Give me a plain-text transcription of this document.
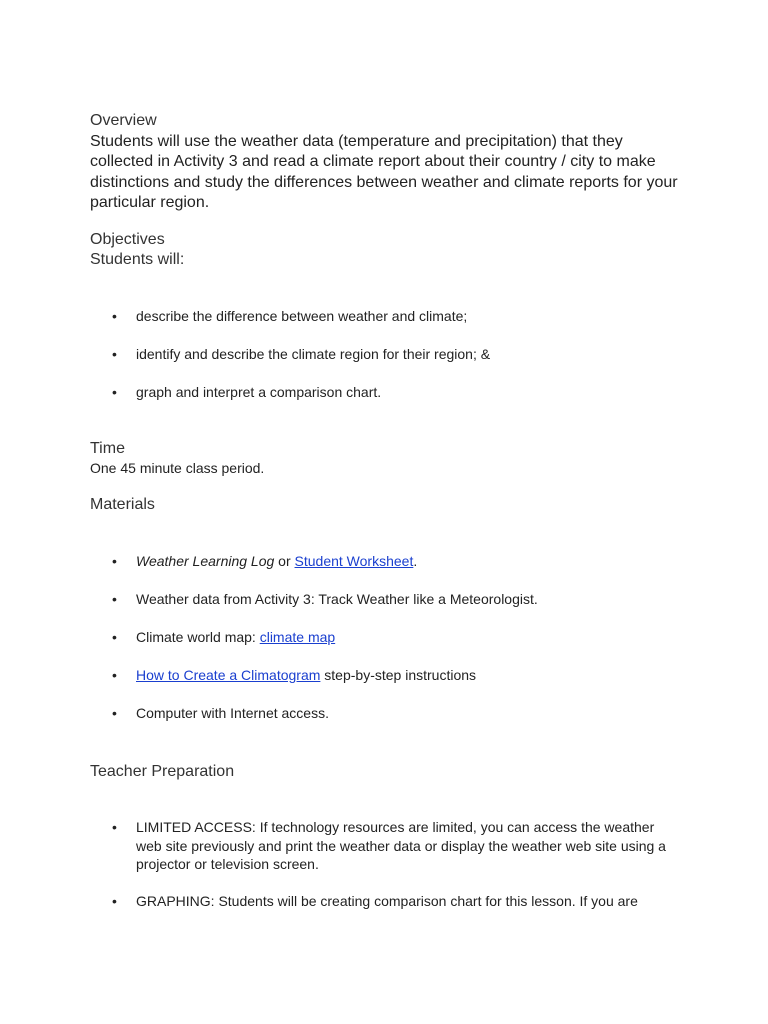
Overview

Students will use the weather data (temperature and precipitation) that they collected in Activity 3 and read a climate report about their country / city to make distinctions and study the differences between weather and climate reports for your particular region.

Objectives

Students will:

• describe the difference between weather and climate;
• identify and describe the climate region for their region; &
• graph and interpret a comparison chart.

Time

One 45 minute class period.

Materials

• Weather Learning Log or Student Worksheet.
• Weather data from Activity 3: Track Weather like a Meteorologist.
• Climate world map: climate map
• How to Create a Climatogram step-by-step instructions
• Computer with Internet access.

Teacher Preparation

• LIMITED ACCESS: If technology resources are limited, you can access the weather web site previously and print the weather data or display the weather web site using a projector or television screen.
• GRAPHING: Students will be creating comparison chart for this lesson. If you are
